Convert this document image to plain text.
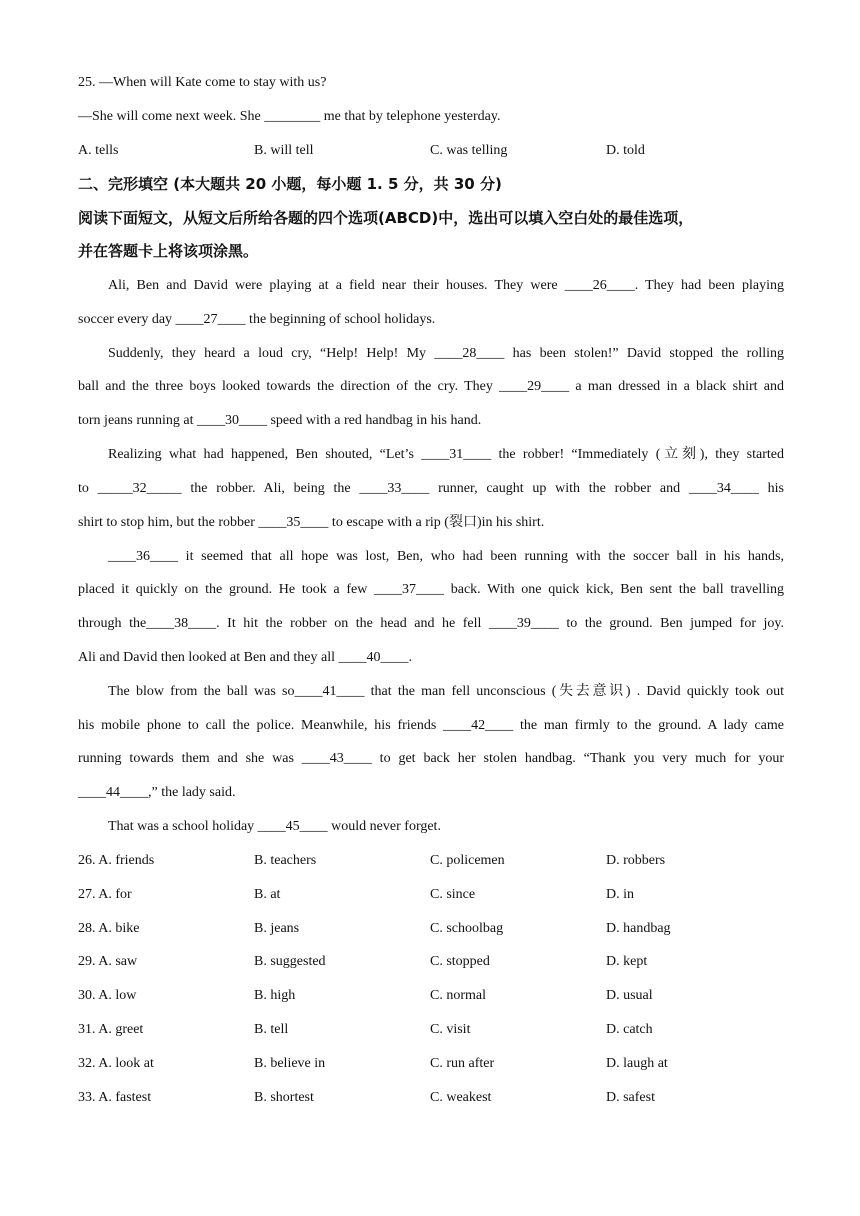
25. —When will Kate come to stay with us?
—She will come next week. She ________ me that by telephone yesterday.
A. tells	B. will tell	C. was telling	D. told
二、完形填空 (本大题共 20 小题，每小题 1. 5 分，共 30 分)
阅读下面短文，从短文后所给各题的四个选项(ABCD)中，选出可以填入空白处的最佳选项，
并在答题卡上将该项涂黑。
Ali, Ben and David were playing at a field near their houses. They were ____26____. They had been playing
soccer every day ____27____ the beginning of school holidays.
Suddenly, they heard a loud cry, “Help! Help! My ____28____ has been stolen!” David stopped the rolling
ball and the three boys looked towards the direction of the cry. They ____29____ a man dressed in a black shirt and
torn jeans running at ____30____ speed with a red handbag in his hand.
Realizing what had happened, Ben shouted, “Let’s ____31____ the robber! “Immediately (立刻), they started
to _____32_____ the robber. Ali, being the ____33____ runner, caught up with the robber and ____34____ his
shirt to stop him, but the robber ____35____ to escape with a rip (裂口)in his shirt.
____36____ it seemed that all hope was lost, Ben, who had been running with the soccer ball in his hands,
placed it quickly on the ground. He took a few ____37____ back. With one quick kick, Ben sent the ball travelling
through the____38____. It hit the robber on the head and he fell ____39____ to the ground. Ben jumped for joy.
Ali and David then looked at Ben and they all ____40____.
The blow from the ball was so____41____ that the man fell unconscious (失去意识) . David quickly took out
his mobile phone to call the police. Meanwhile, his friends ____42____ the man firmly to the ground. A lady came
running towards them and she was ____43____ to get back her stolen handbag. “Thank you very much for your
____44____,” the lady said.
That was a school holiday ____45____ would never forget.
26. A. friends	B. teachers	C. policemen	D. robbers
27. A. for	B. at	C. since	D. in
28. A. bike	B. jeans	C. schoolbag	D. handbag
29. A. saw	B. suggested	C. stopped	D. kept
30. A. low	B. high	C. normal	D. usual
31. A. greet	B. tell	C. visit	D. catch
32. A. look at	B. believe in	C. run after	D. laugh at
33. A. fastest	B. shortest	C. weakest	D. safest
